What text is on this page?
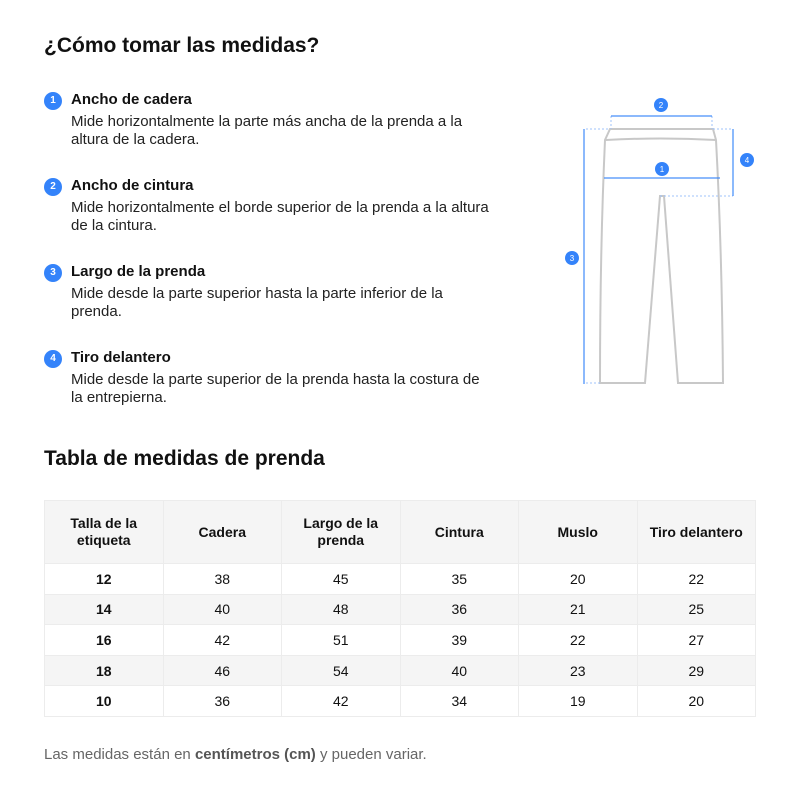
¿Cómo tomar las medidas?
1	Ancho de cadera
Mide horizontalmente la parte más ancha de la prenda a la altura de la cadera.
2	Ancho de cintura
Mide horizontalmente el borde superior de la prenda a la altura de la cintura.
3	Largo de la prenda
Mide desde la parte superior hasta la parte inferior de la prenda.
4	Tiro delantero
Mide desde la parte superior de la prenda hasta la costura de la entrepierna.
1
2
3
4
Tabla de medidas de prenda
Talla de la etiqueta	Cadera	Largo de la prenda	Cintura	Muslo	Tiro delantero
12	38	45	35	20	22
14	40	48	36	21	25
16	42	51	39	22	27
18	46	54	40	23	29
10	36	42	34	19	20
Las medidas están en centímetros (cm) y pueden variar.
